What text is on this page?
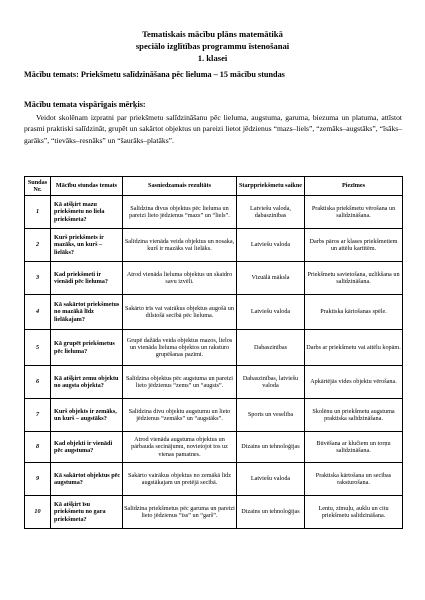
Tematiskais mācību plāns matemātikā
speciālo izglītības programmu īstenošanai
1. klasei
Mācību temats: Priekšmetu salīdzināšana pēc lieluma – 15 mācību stundas
Mācību temata vispārīgais mērķis:
Veidot skolēnam izpratni par priekšmetu salīdzināšanu pēc lieluma, augstuma, garuma, biezuma un platuma, attīstot prasmi praktiski salīdzināt, grupēt un sakārtot objektus un pareizi lietot jēdzienus “mazs–liels”, “zemāks–augstāks”, “īsāks–garāks”, “tievāks–resnāks” un “šaurāks–platāks”.
Sundas Nr.	Mācību stundas temats	Sasniedzamais rezultāts	Starppriekšmetu saikne	Piezīmes
1	Kā atšķirt mazu priekšmetu no liela priekšmeta?	Salīdzina divus objektus pēc lieluma un pareizi lieto jēdzienus “mazs” un “liels”.	Latviešu valoda, dabaszinības	Praktiska priekšmetu vērošana un salīdzināšana.
2	Kurš priekšmets ir mazāks, un kurš – lielāks?	Salīdzina vienāda veida objektus un nosaka, kurš ir mazāks vai lielāks.	Latviešu valoda	Darbs pāros ar klases priekšmetiem un attēlu kartītēm.
3	Kad priekšmeti ir vienādi pēc lieluma?	Atrod vienāda lieluma objektus un skaidro savu izvēli.	Vizuālā māksla	Priekšmetu savietošana, uzlikšana un salīdzināšana.
4	Kā sakārtot priekšmetus no mazākā līdz lielākajam?	Sakārto trīs vai vairākus objektus augošā un dilstošā secībā pēc lieluma.	Latviešu valoda	Praktiska kārtošanas spēle.
5	Kā grupēt priekšmetus pēc lieluma?	Grupē dažāda veida objektus mazos, lielos un vienāda lieluma objektos un raksturo grupēšanas pazīmi.	Dabaszinības	Darbs ar priekšmetu vai attēlu kopām.
6	Kā atšķirt zemu objektu no augsta objekta?	Salīdzina objektus pēc augstuma un pareizi lieto jēdzienus “zems” un “augsts”.	Dabaszinības, latviešu valoda	Apkārtējās vides objektu vērošana.
7	Kurš objekts ir zemāks, un kurš – augstāks?	Salīdzina divu objektu augstumu un lieto jēdzienus “zemāks” un “augstāks”.	Sports un veselība	Skolēnu un priekšmetu augstuma praktiska salīdzināšana.
8	Kad objekti ir vienādi pēc augstuma?	Atrod vienāda augstuma objektus un pārbauda secinājumu, novietojot tos uz vienas pamatnes.	Dizains un tehnoloģijas	Būvēšana ar klučiem un torņu salīdzināšana.
9	Kā sakārtot objektus pēc augstuma?	Sakārto vairākus objektus no zemākā līdz augstākajam un pretējā secībā.	Latviešu valoda	Praktiska kārtošana un secības raksturošana.
10	Kā atšķirt īsu priekšmetu no gara priekšmeta?	Salīdzina priekšmetus pēc garuma un pareizi lieto jēdzienus “īss” un “garš”.	Dizains un tehnoloģijas	Lentu, zīmuļu, auklu un citu priekšmetu salīdzināšana.
